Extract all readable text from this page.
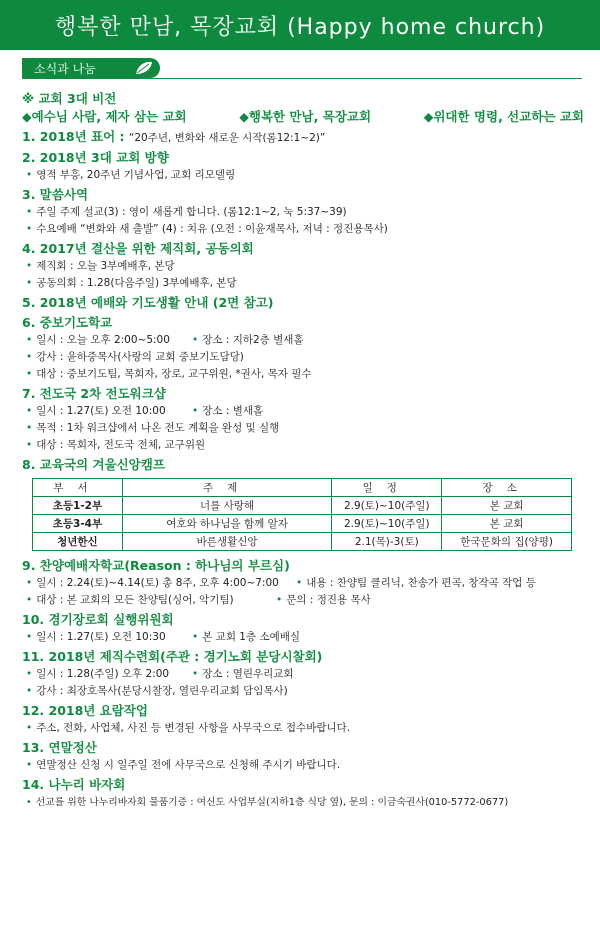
행복한 만남, 목장교회 (Happy home church)
소식과 나눔
※ 교회 3대 비전
◆예수님 사람, 제자 삼는 교회	◆행복한 만남, 목장교회	◆위대한 명령, 선교하는 교회
1. 2018년 표어 : “20주년, 변화와 새로운 시작(롬12:1~2)”
2. 2018년 3대 교회 방향
• 영적 부흥, 20주년 기념사업, 교회 리모델링
3. 말씀사역
• 주일 주제 설교(3) : 영이 새롭게 합니다. (롬12:1~2, 눅 5:37~39)
• 수요예배 “변화와 새 출발” (4) : 치유 (오전 : 이윤재목사, 저녁 : 정진용목사)
4. 2017년 결산을 위한 제직회, 공동의회
• 제직회 : 오늘 3부예배후, 본당
• 공동의회 : 1.28(다음주일) 3부예배후, 본당
5. 2018년 예배와 기도생활 안내 (2면 참고)
6. 중보기도학교
• 일시 : 오늘 오후 2:00~5:00	• 장소 : 지하2층 별새홀
• 강사 : 윤하중목사(사랑의 교회 중보기도담당)
• 대상 : 중보기도팀, 목회자, 장로, 교구위원, *권사, 목자 필수
7. 전도국 2차 전도워크샵
• 일시 : 1.27(토) 오전 10:00	• 장소 : 별새홀
• 목적 : 1차 워크샵에서 나온 전도 계획을 완성 및 실행
• 대상 : 목회자, 전도국 전체, 교구위원
8. 교육국의 겨울신앙캠프
부서	주제	일정	장소
초등1-2부	너를 사랑해	2.9(토)~10(주일)	본 교회
초등3-4부	여호와 하나님을 함께 알자	2.9(토)~10(주일)	본 교회
청년한신	바른생활신앙	2.1(목)-3(토)	한국문화의 집(양평)
9. 찬양예배자학교(Reason : 하나님의 부르심)
• 일시 : 2.24(토)~4.14(토) 총 8주, 오후 4:00~7:00	• 내용 : 찬양팀 클리닉, 찬송가 편곡, 창작곡 작업 등
• 대상 : 본 교회의 모든 찬양팀(싱어, 악기팀)	• 문의 : 정진용 목사
10. 경기장로회 실행위원회
• 일시 : 1.27(토) 오전 10:30	• 본 교회 1층 소예배실
11. 2018년 제직수련회(주관 : 경기노회 분당시찰회)
• 일시 : 1.28(주일) 오후 2:00	• 장소 : 열린우리교회
• 강사 : 최장호목사(분당시찰장, 열린우리교회 담임목사)
12. 2018년 요람작업
• 주소, 전화, 사업체, 사진 등 변경된 사항을 사무국으로 접수바랍니다.
13. 연말정산
• 연말정산 신청 시 일주일 전에 사무국으로 신청해 주시기 바랍니다.
14. 나누리 바자회
• 선교를 위한 나누리바자회 물품기증 : 여신도 사업부실(지하1층 식당 옆), 문의 : 이금숙권사(010-5772-0677)
